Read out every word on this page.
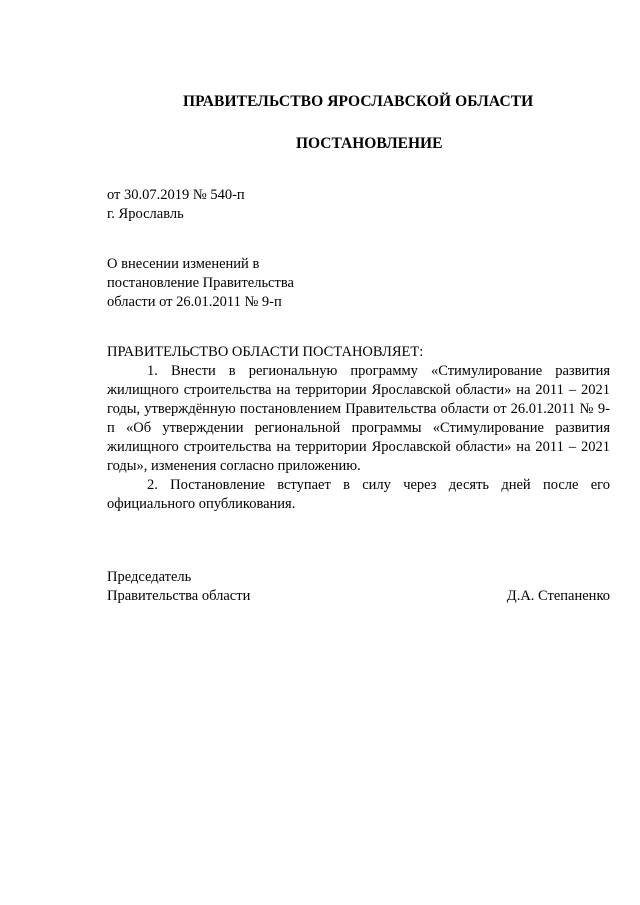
ПРАВИТЕЛЬСТВО ЯРОСЛАВСКОЙ ОБЛАСТИ
ПОСТАНОВЛЕНИЕ
от 30.07.2019 № 540-п
г. Ярославль
О внесении изменений в
постановление Правительства
области от 26.01.2011 № 9-п
ПРАВИТЕЛЬСТВО ОБЛАСТИ ПОСТАНОВЛЯЕТ:

1. Внести в региональную программу «Стимулирование развития жилищного строительства на территории Ярославской области» на 2011 – 2021 годы, утверждённую постановлением Правительства области от 26.01.2011 № 9-п «Об утверждении региональной программы «Стимулирование развития жилищного строительства на территории Ярославской области» на 2011 – 2021 годы», изменения согласно приложению.

2. Постановление вступает в силу через десять дней после его официального опубликования.

Председатель
Правительства области	Д.А. Степаненко
